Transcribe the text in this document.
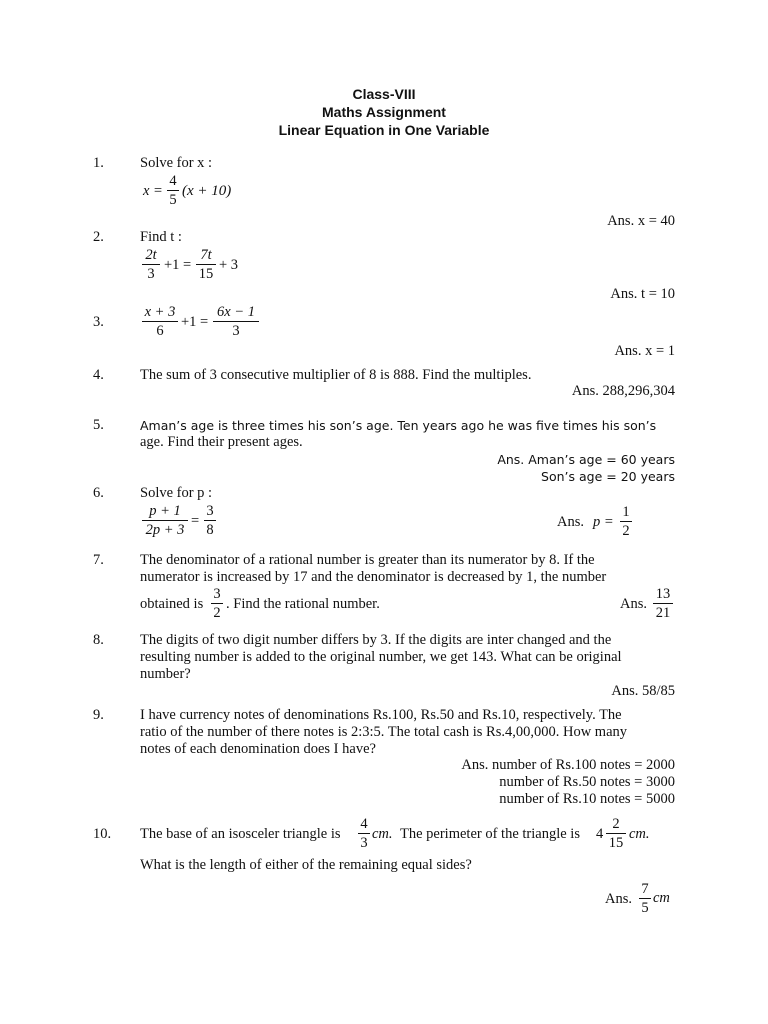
Class-VIII
Maths Assignment
Linear Equation in One Variable
1. Solve for x :
x =
4
5
(x + 10)
Ans. x = 40
2. Find t :
2t
3
+1 =
7t
15
+ 3
Ans. t = 10
3.
x + 3
6
+1 =
6x − 1
3
Ans. x = 1
4. The sum of 3 consecutive multiplier of 8 is 888. Find the multiples.
Ans. 288,296,304
5.	Aman’s age is three times his son’s age. Ten years ago he was five times his son’s
age. Find their present ages.
Ans. Aman’s age = 60 years
Son’s age = 20 years
6. Solve for p :
p + 1
2p + 3
=
3
8	Ans. p =
1
2
7. The denominator of a rational number is greater than its numerator by 8. If the
numerator is increased by 17 and the denominator is decreased by 1, the number
obtained is
3
2
. Find the rational number.	Ans.
13
21
8. The digits of two digit number differs by 3. If the digits are inter changed and the
resulting number is added to the original number, we get 143. What can be original
number?
Ans. 58/85
9. I have currency notes of denominations Rs.100, Rs.50 and Rs.10, respectively. The
ratio of the number of there notes is 2:3:5. The total cash is Rs.4,00,000. How many
notes of each denomination does I have?
Ans. number of Rs.100 notes = 2000
number of Rs.50 notes = 3000
number of Rs.10 notes = 5000
10. The base of an isosceler triangle is
4
3
cm. The perimeter of the triangle is 4
2
15
cm.
What is the length of either of the remaining equal sides?
Ans.
7
5
cm
